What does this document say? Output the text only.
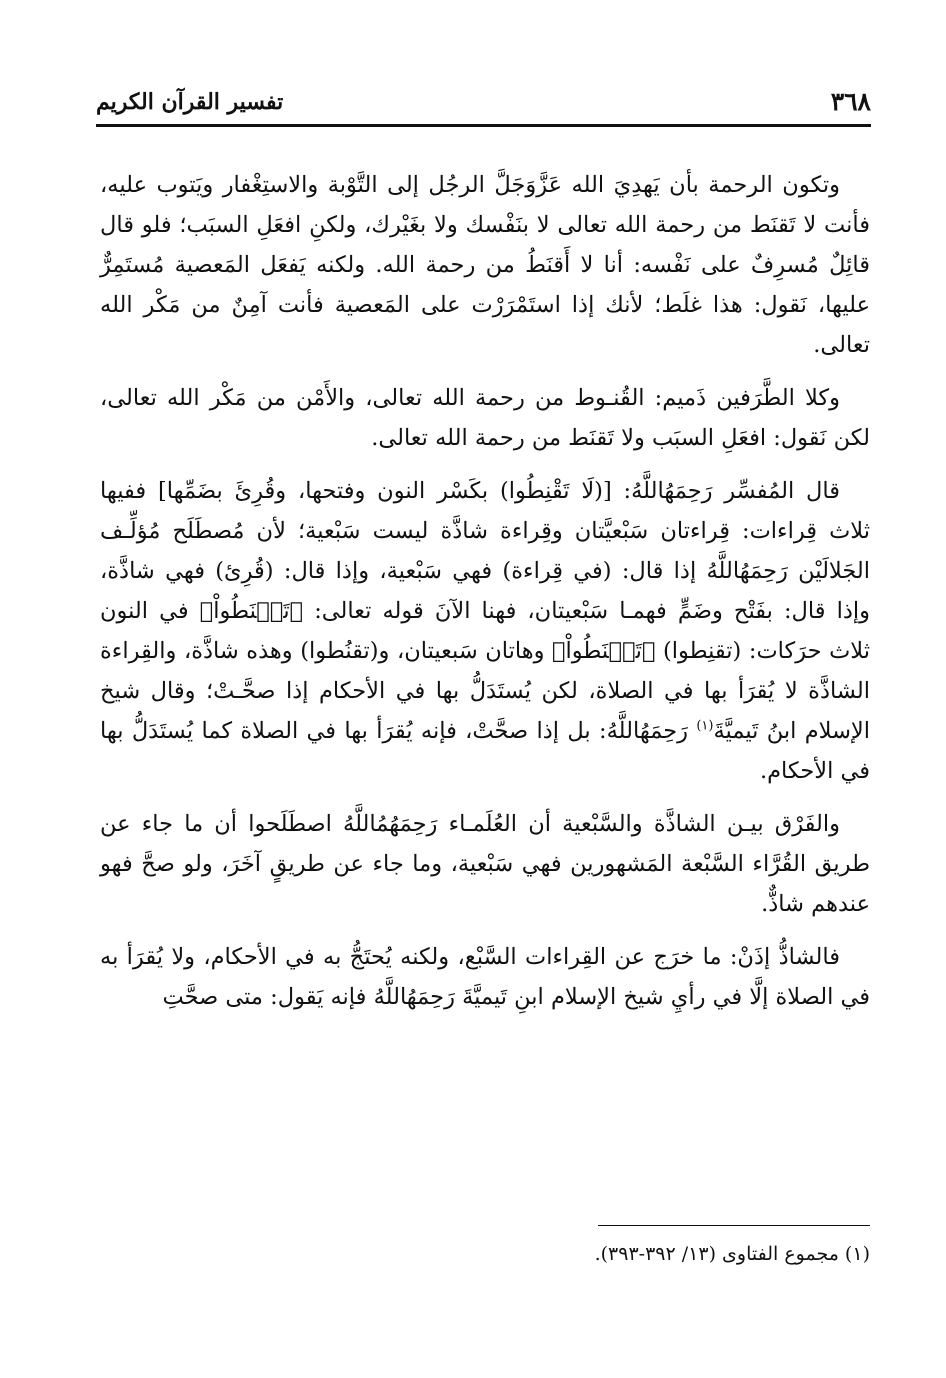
٣٦٨
تفسير القرآن الكريم

وتكون الرحمة بأن يَهدِيَ الله عَزَّوَجَلَّ الرجُل إلى التَّوْبة والاستِغْفار ويَتوب عليه، فأنت لا تَقنَط من رحمة الله تعالى لا بنَفْسك ولا بغَيْرك، ولكنِ افعَلِ السبَب؛ فلو قال قائِلٌ مُسرِفٌ على نَفْسه: أنا لا أَقنَطُ من رحمة الله. ولكنه يَفعَل المَعصية مُستَمِرٌّ عليها، نَقول: هذا غلَط؛ لأنك إذا استَمْرَرْت على المَعصية فأنت آمِنٌ من مَكْر الله تعالى.

وكلا الطَّرَفين ذَميم: القُنـوط من رحمة الله تعالى، والأَمْن من مَكْر الله تعالى، لكن نَقول: افعَلِ السبَب ولا تَقنَط من رحمة الله تعالى.

قال المُفسِّر رَحِمَهُاللَّهُ: [(لَا تَقْنِطُوا) بكَسْر النون وفتحها، وقُرِئَ بضَمِّها] ففيها ثلاث قِراءات: قِراءتان سَبْعيَّتان وقِراءة شاذَّة ليست سَبْعية؛ لأن مُصطَلَح مُؤلِّـف الجَلالَيْن رَحِمَهُاللَّهُ إذا قال: (في قِراءة) فهي سَبْعية، وإذا قال: (قُرِئ) فهي شاذَّة، وإذا قال: بفَتْح وضَمٍّ فهمـا سَبْعيتان، فهنا الآنَ قوله تعالى: ﴿تَقۡنَطُواْ﴾ في النون ثلاث حرَكات: (تقنِطوا) ﴿تَقۡنَطُواْ﴾ وهاتان سَبعيتان، و(تقنُطوا) وهذه شاذَّة، والقِراءة الشاذَّة لا يُقرَأ بها في الصلاة، لكن يُستَدَلُّ بها في الأحكام إذا صحَّـتْ؛ وقال شيخ الإسلام ابنُ تَيميَّةَ$^{(١)}$ رَحِمَهُاللَّهُ: بل إذا صحَّتْ، فإنه يُقرَأ بها في الصلاة كما يُستَدَلُّ بها في الأحكام.

والفَرْق بيـن الشاذَّة والسَّبْعية أن العُلَمـاء رَحِمَهُمُاللَّهُ اصطَلَحوا أن ما جاء عن طريق القُرَّاء السَّبْعة المَشهورين فهي سَبْعية، وما جاء عن طريقٍ آخَرَ، ولو صحَّ فهو عندهم شاذٌّ.

فالشاذُّ إذَنْ: ما خرَج عن القِراءات السَّبْع، ولكنه يُحتَجُّ به في الأحكام، ولا يُقرَأ به في الصلاة إلَّا في رأيِ شيخ الإسلام ابنِ تَيميَّةَ رَحِمَهُاللَّهُ فإنه يَقول: متى صحَّتِ

(١) مجموع الفتاوى (١٣/ ٣٩٢-٣٩٣).
